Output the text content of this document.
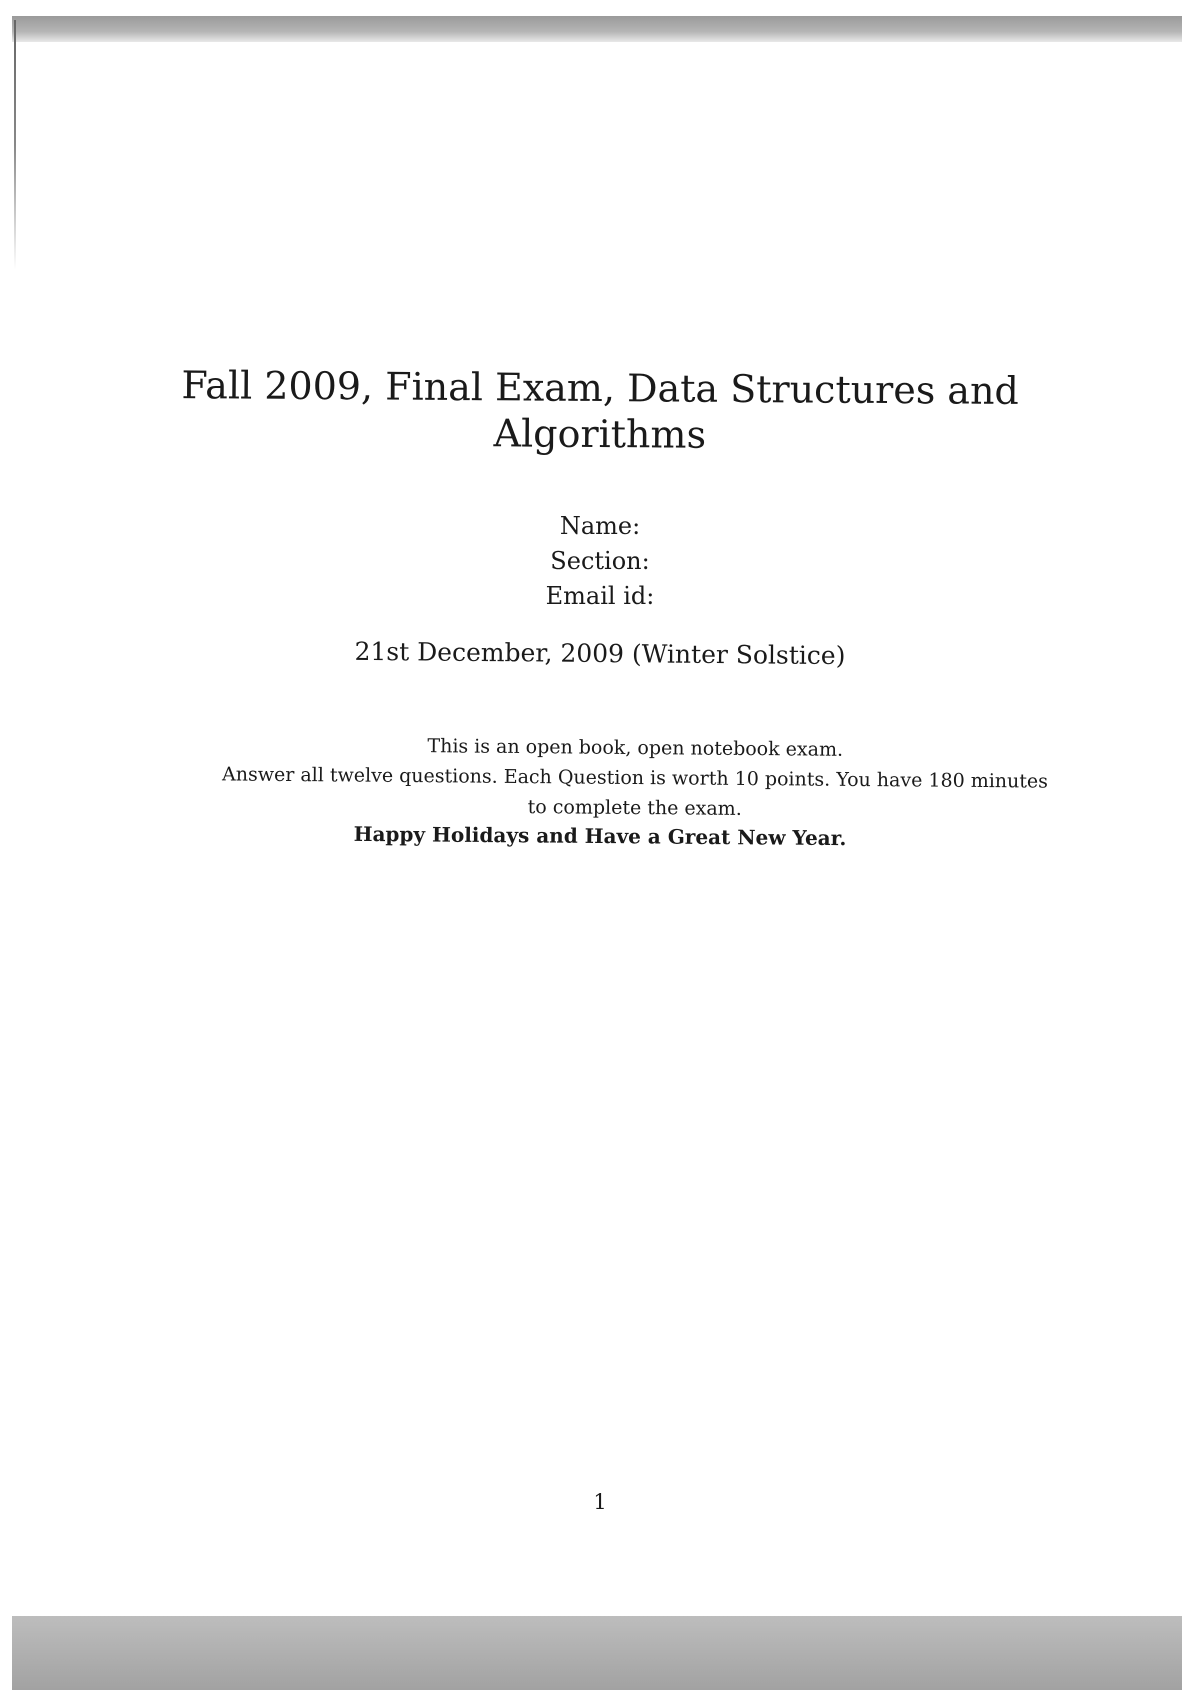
Fall 2009, Final Exam, Data Structures and
Algorithms
Name:
Section:
Email id:
21st December, 2009 (Winter Solstice)
This is an open book, open notebook exam.
Answer all twelve questions. Each Question is worth 10 points. You have 180 minutes
to complete the exam.
Happy Holidays and Have a Great New Year.
1
